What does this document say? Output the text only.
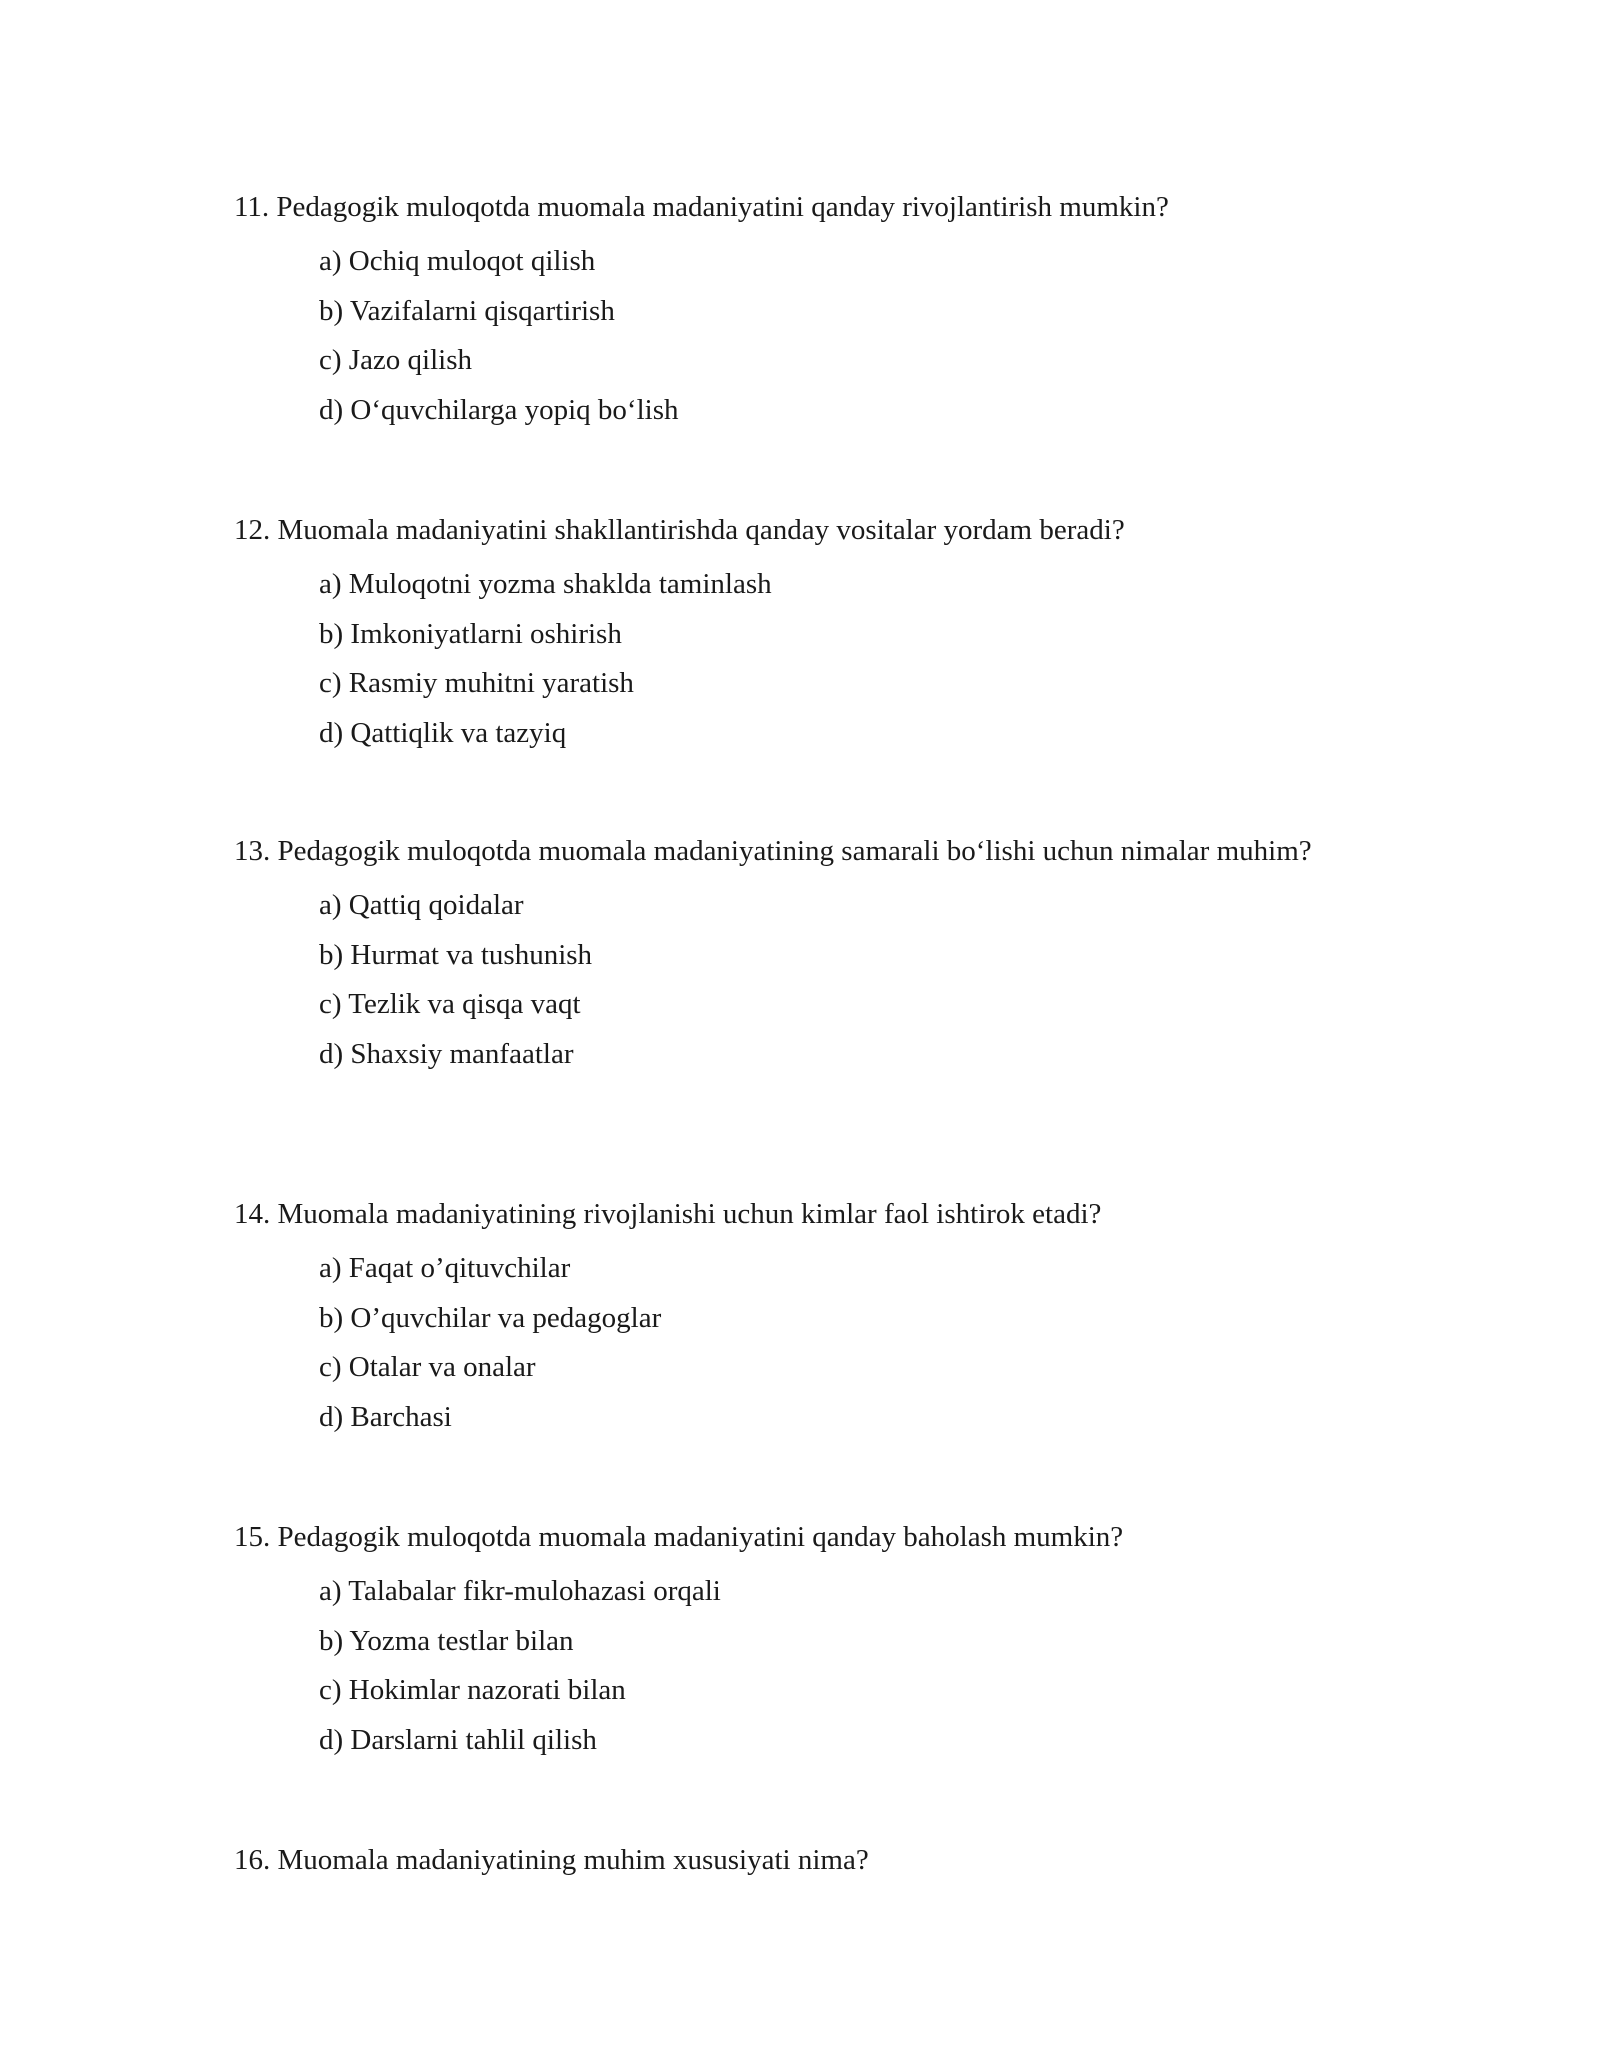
11. Pedagogik muloqotda muomala madaniyatini qanday rivojlantirish mumkin?

a) Ochiq muloqot qilish
b) Vazifalarni qisqartirish
c) Jazo qilish
d) O‘quvchilarga yopiq bo‘lish

12. Muomala madaniyatini shakllantirishda qanday vositalar yordam beradi?

a) Muloqotni yozma shaklda taminlash
b) Imkoniyatlarni oshirish
c) Rasmiy muhitni yaratish
d) Qattiqlik va tazyiq

13. Pedagogik muloqotda muomala madaniyatining samarali bo‘lishi uchun nimalar muhim?

a) Qattiq qoidalar
b) Hurmat va tushunish
c) Tezlik va qisqa vaqt
d) Shaxsiy manfaatlar

14. Muomala madaniyatining rivojlanishi uchun kimlar faol ishtirok etadi?

a) Faqat o’qituvchilar
b) O’quvchilar va pedagoglar
c) Otalar va onalar
d) Barchasi

15. Pedagogik muloqotda muomala madaniyatini qanday baholash mumkin?

a) Talabalar fikr-mulohazasi orqali
b) Yozma testlar bilan
c) Hokimlar nazorati bilan
d) Darslarni tahlil qilish

16. Muomala madaniyatining muhim xususiyati nima?
